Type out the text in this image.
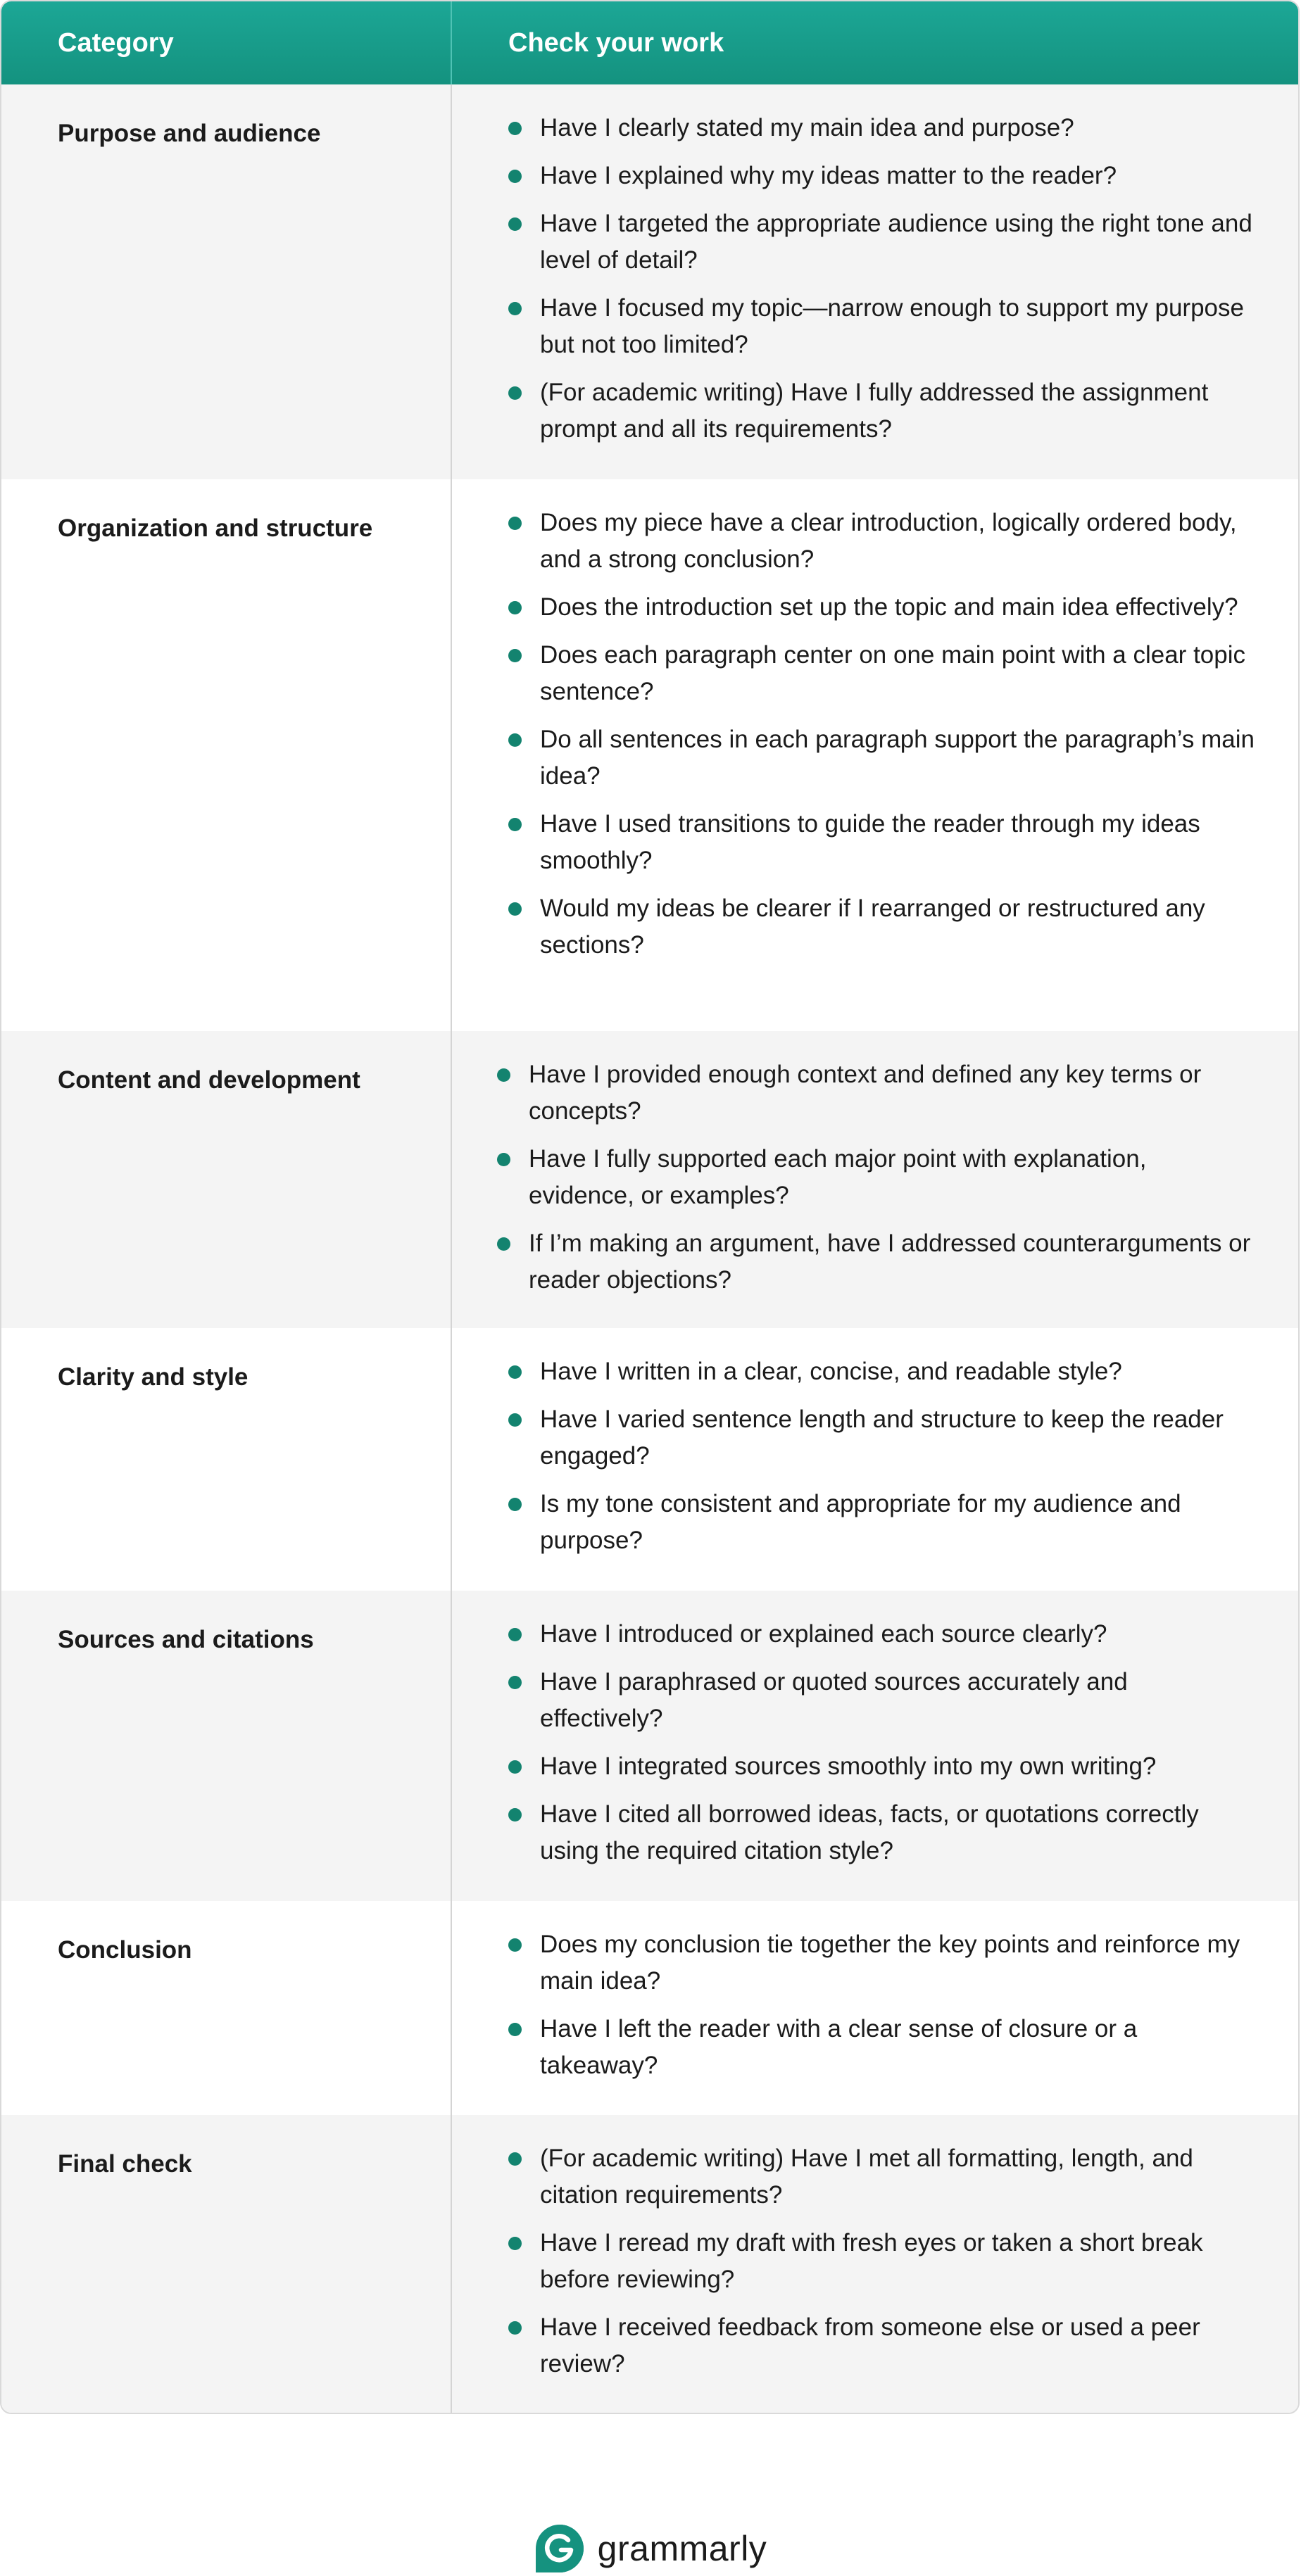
Category	Check your work
Purpose and audience	Have I clearly stated my main idea and purpose?
Have I explained why my ideas matter to the reader?
Have I targeted the appropriate audience using the right tone and level of detail?
Have I focused my topic—narrow enough to support my purpose but not too limited?
(For academic writing) Have I fully addressed the assignment prompt and all its requirements?
Organization and structure	Does my piece have a clear introduction, logically ordered body, and a strong conclusion?
Does the introduction set up the topic and main idea effectively?
Does each paragraph center on one main point with a clear topic sentence?
Do all sentences in each paragraph support the paragraph’s main idea?
Have I used transitions to guide the reader through my ideas smoothly?
Would my ideas be clearer if I rearranged or restructured any sections?
Content and development	Have I provided enough context and defined any key terms or concepts?
Have I fully supported each major point with explanation, evidence, or examples?
If I’m making an argument, have I addressed counterarguments or reader objections?
Clarity and style	Have I written in a clear, concise, and readable style?
Have I varied sentence length and structure to keep the reader engaged?
Is my tone consistent and appropriate for my audience and purpose?
Sources and citations	Have I introduced or explained each source clearly?
Have I paraphrased or quoted sources accurately and effectively?
Have I integrated sources smoothly into my own writing?
Have I cited all borrowed ideas, facts, or quotations correctly using the required citation style?
Conclusion	Does my conclusion tie together the key points and reinforce my main idea?
Have I left the reader with a clear sense of closure or a takeaway?
Final check	(For academic writing) Have I met all formatting, length, and citation requirements?
Have I reread my draft with fresh eyes or taken a short break before reviewing?
Have I received feedback from someone else or used a peer review?
grammarly
